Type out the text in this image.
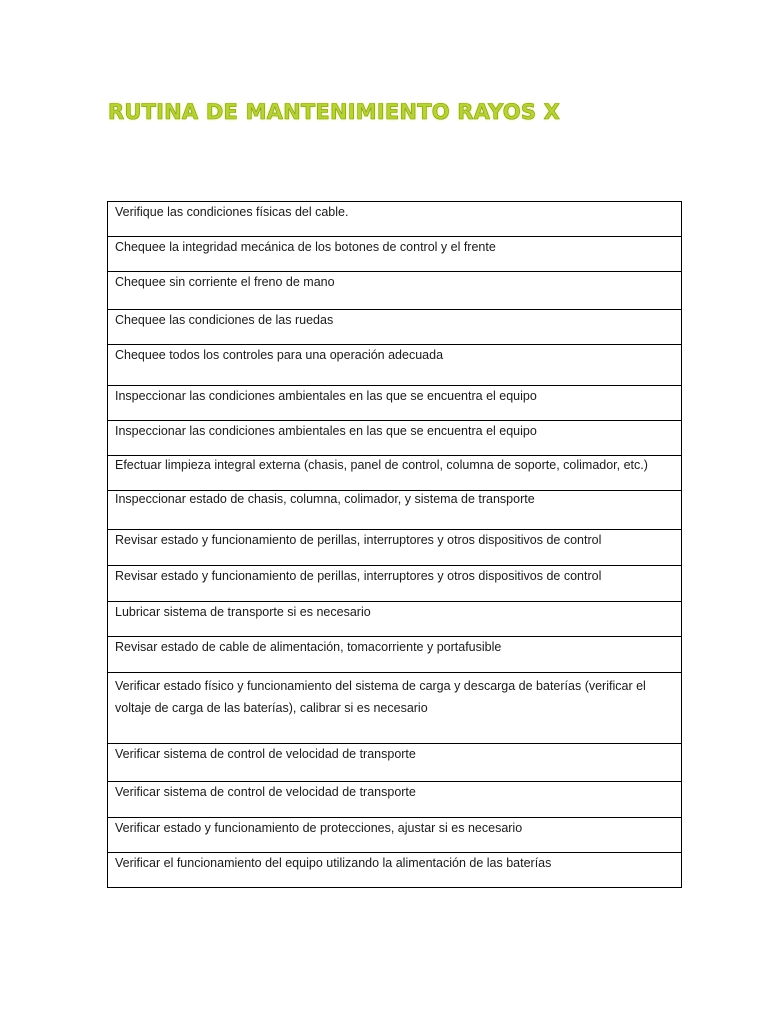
RUTINA DE MANTENIMIENTO RAYOS X
Verifique las condiciones físicas del cable.
Chequee la integridad mecánica de los botones de control y el frente
Chequee sin corriente el freno de mano
Chequee las condiciones de las ruedas
Chequee todos los controles para una operación adecuada
Inspeccionar las condiciones ambientales en las que se encuentra el equipo
Inspeccionar las condiciones ambientales en las que se encuentra el equipo
Efectuar limpieza integral externa (chasis, panel de control, columna de soporte, colimador, etc.)
Inspeccionar estado de chasis, columna, colimador, y sistema de transporte
Revisar estado y funcionamiento de perillas, interruptores y otros dispositivos de control
Revisar estado y funcionamiento de perillas, interruptores y otros dispositivos de control
Lubricar sistema de transporte si es necesario
Revisar estado de cable de alimentación, tomacorriente y portafusible
Verificar estado físico y funcionamiento del sistema de carga y descarga de baterías (verificar el voltaje de carga de las baterías), calibrar si es necesario
Verificar sistema de control de velocidad de transporte
Verificar sistema de control de velocidad de transporte
Verificar estado y funcionamiento de protecciones, ajustar si es necesario
Verificar el funcionamiento del equipo utilizando la alimentación de las baterías
